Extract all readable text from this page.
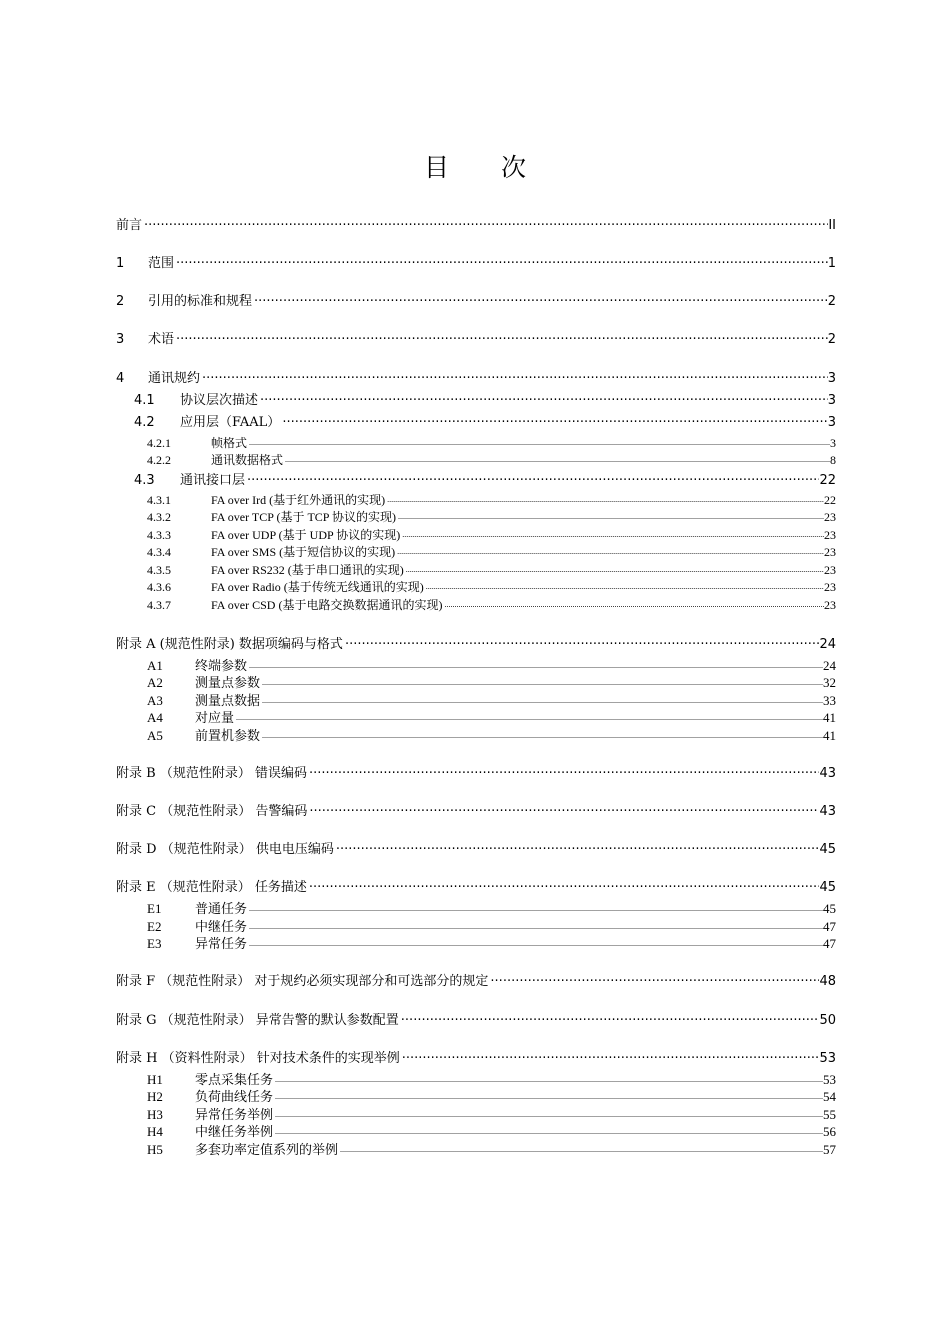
目 次
前言 .....	II
1	范围 .....	1
2	引用的标准和规程 .....	2
3	术语 .....	2
4	通讯规约 .....	3
4.1	协议层次描述 .....	3
4.2	应用层（FAAL） .....	3
4.2.1	帧格式 .....	3
4.2.2	通讯数据格式 .....	8
4.3	通讯接口层 .....	22
4.3.1	FA over Ird (基于红外通讯的实现) .....	22
4.3.2	FA over TCP (基于 TCP 协议的实现) .....	23
4.3.3	FA over UDP (基于 UDP 协议的实现) .....	23
4.3.4	FA over SMS (基于短信协议的实现) .....	23
4.3.5	FA over RS232 (基于串口通讯的实现) .....	23
4.3.6	FA over Radio (基于传统无线通讯的实现) .....	23
4.3.7	FA over CSD (基于电路交换数据通讯的实现) .....	23
附录 A (规范性附录) 数据项编码与格式 .....	24
A1	终端参数 .....	24
A2	测量点参数 .....	32
A3	测量点数据 .....	33
A4	对应量 .....	41
A5	前置机参数 .....	41
附录 B （规范性附录） 错误编码 .....	43
附录 C （规范性附录） 告警编码 .....	43
附录 D （规范性附录） 供电电压编码 .....	45
附录 E （规范性附录） 任务描述 .....	45
E1	普通任务 .....	45
E2	中继任务 .....	47
E3	异常任务 .....	47
附录 F （规范性附录） 对于规约必须实现部分和可选部分的规定 .....	48
附录 G （规范性附录） 异常告警的默认参数配置 .....	50
附录 H （资料性附录） 针对技术条件的实现举例 .....	53
H1	零点采集任务 .....	53
H2	负荷曲线任务 .....	54
H3	异常任务举例 .....	55
H4	中继任务举例 .....	56
H5	多套功率定值系列的举例 .....	57
